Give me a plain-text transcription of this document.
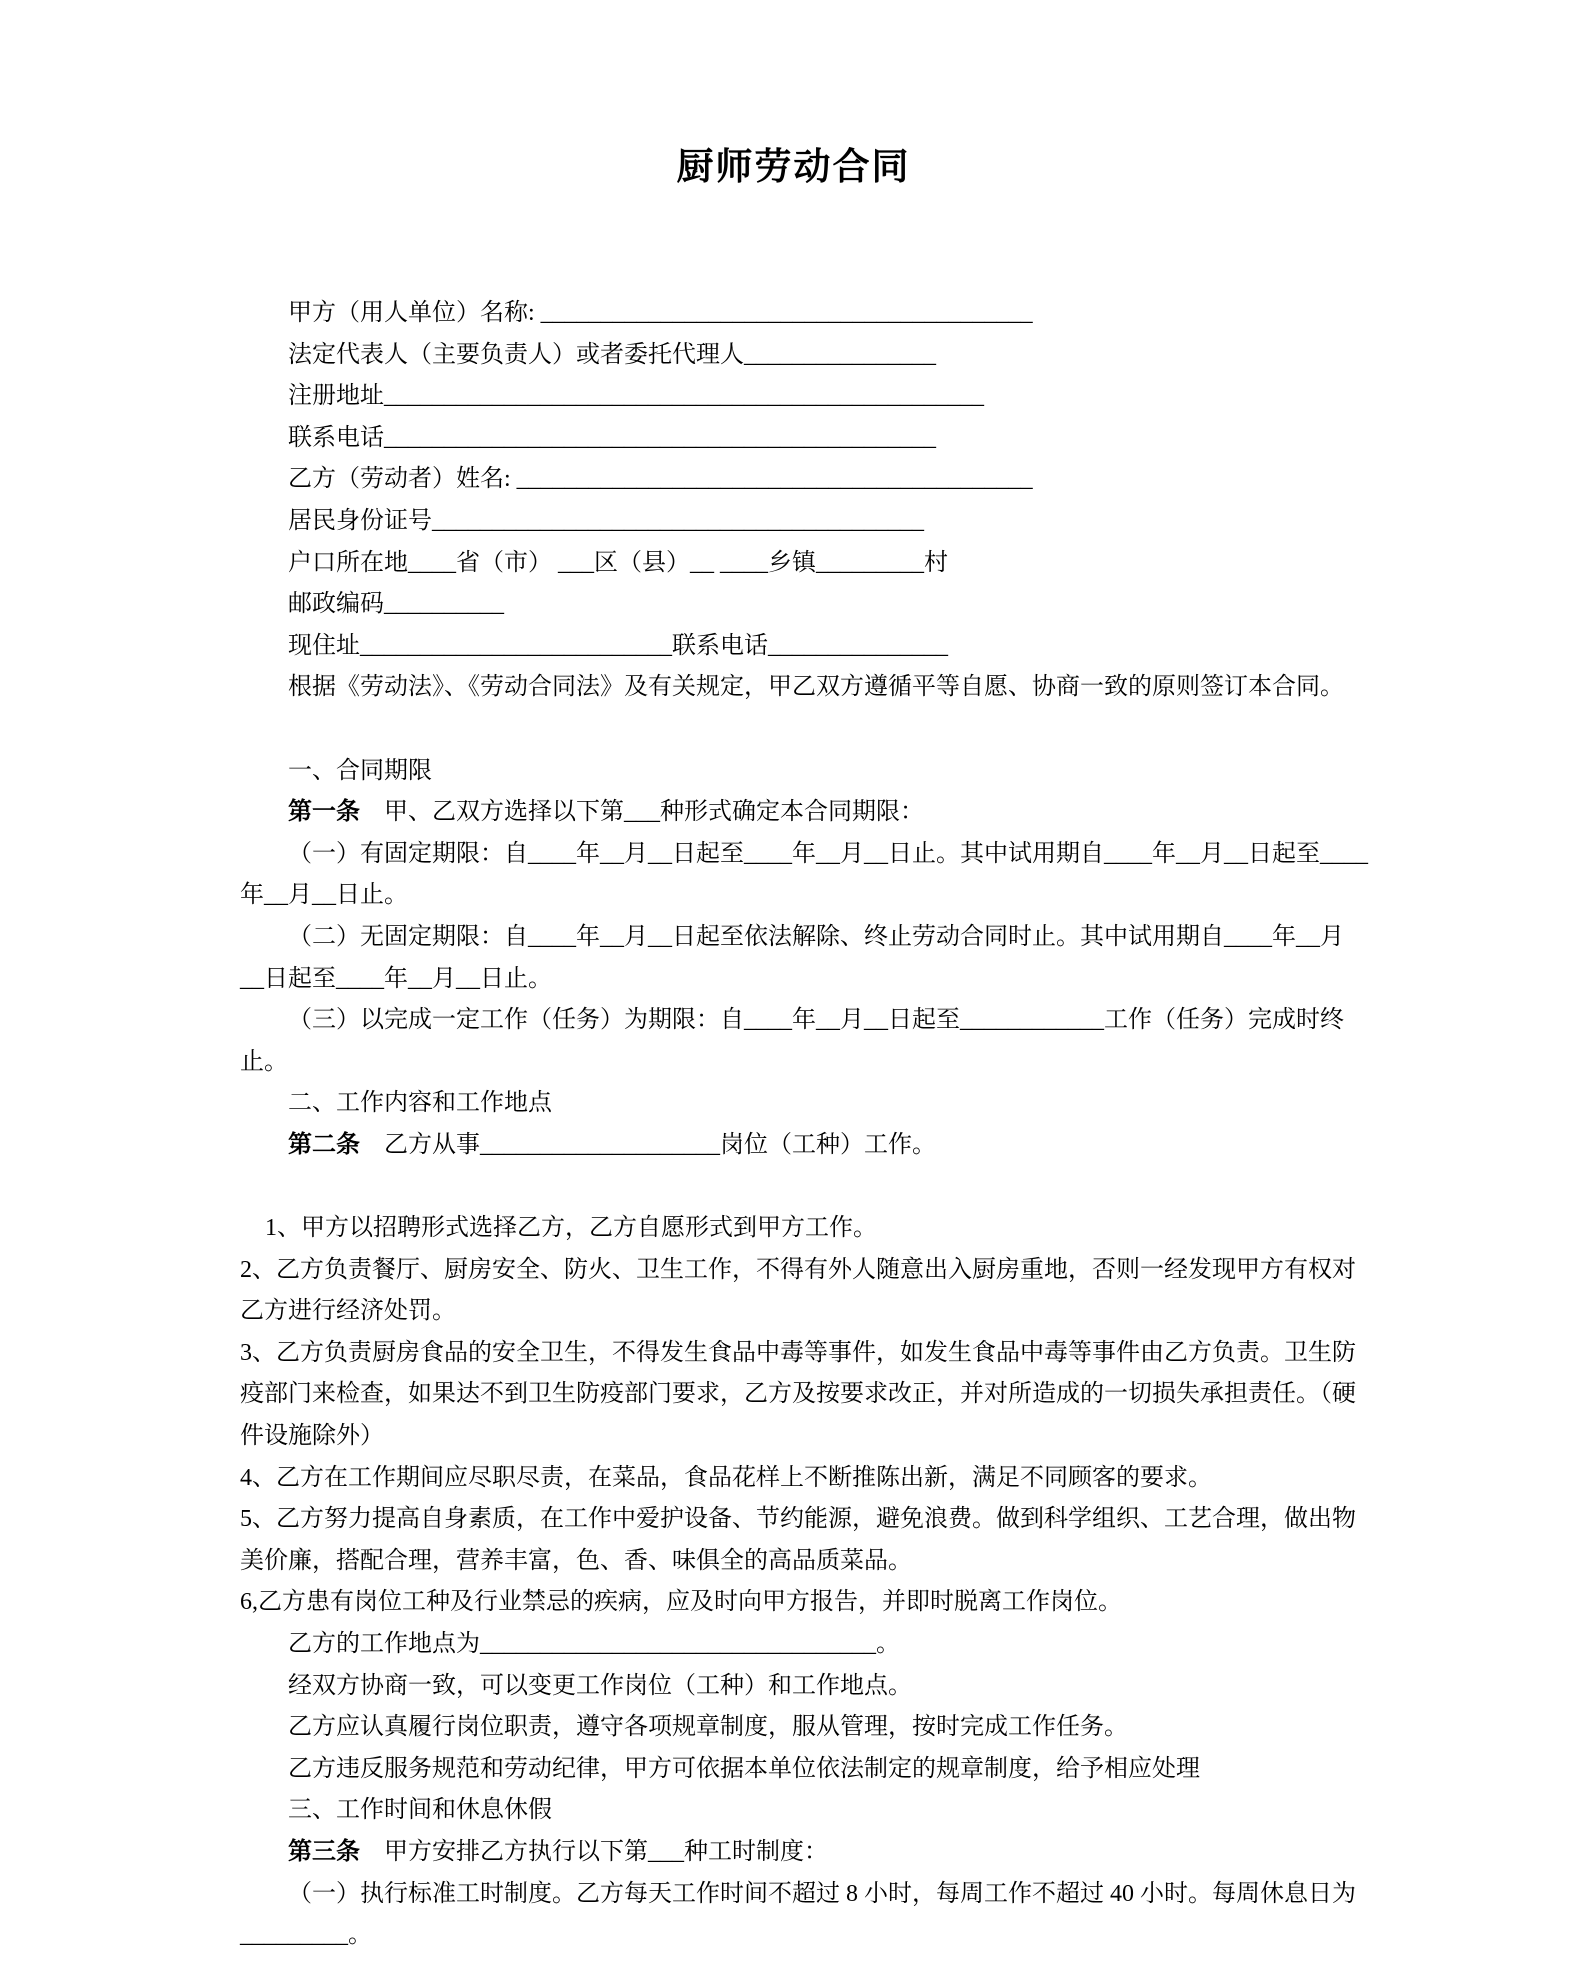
厨师劳动合同
甲方（用人单位）名称: _________________________________________
法定代表人（主要负责人）或者委托代理人________________
注册地址__________________________________________________
联系电话______________________________________________
乙方（劳动者）姓名: ___________________________________________
居民身份证号_________________________________________
户口所在地____省（市） ___区（县）__ ____乡镇_________村
邮政编码__________
现住址__________________________联系电话_______________
根据《劳动法》、《劳动合同法》及有关规定，甲乙双方遵循平等自愿、协商一致的原则签订本合同。
一、合同期限
第一条　甲、乙双方选择以下第___种形式确定本合同期限：
（一）有固定期限：自____年__月__日起至____年__月__日止。其中试用期自____年__月__日起至____
年__月__日止。
（二）无固定期限：自____年__月__日起至依法解除、终止劳动合同时止。其中试用期自____年__月
__日起至____年__月__日止。
（三）以完成一定工作（任务）为期限：自____年__月__日起至____________工作（任务）完成时终
止。
二、工作内容和工作地点
第二条　乙方从事____________________岗位（工种）工作。
1、甲方以招聘形式选择乙方，乙方自愿形式到甲方工作。
2、乙方负责餐厅、厨房安全、防火、卫生工作，不得有外人随意出入厨房重地，否则一经发现甲方有权对
乙方进行经济处罚。
3、乙方负责厨房食品的安全卫生，不得发生食品中毒等事件，如发生食品中毒等事件由乙方负责。卫生防
疫部门来检查，如果达不到卫生防疫部门要求，乙方及按要求改正，并对所造成的一切损失承担责任。（硬
件设施除外）
4、乙方在工作期间应尽职尽责，在菜品，食品花样上不断推陈出新，满足不同顾客的要求。
5、乙方努力提高自身素质，在工作中爱护设备、节约能源，避免浪费。做到科学组织、工艺合理，做出物
美价廉，搭配合理，营养丰富，色、香、味俱全的高品质菜品。
6,乙方患有岗位工种及行业禁忌的疾病，应及时向甲方报告，并即时脱离工作岗位。
乙方的工作地点为_________________________________。
经双方协商一致，可以变更工作岗位（工种）和工作地点。
乙方应认真履行岗位职责，遵守各项规章制度，服从管理，按时完成工作任务。
乙方违反服务规范和劳动纪律，甲方可依据本单位依法制定的规章制度，给予相应处理
三、工作时间和休息休假
第三条　甲方安排乙方执行以下第___种工时制度：
（一）执行标准工时制度。乙方每天工作时间不超过 8 小时，每周工作不超过 40 小时。每周休息日为
_________。
